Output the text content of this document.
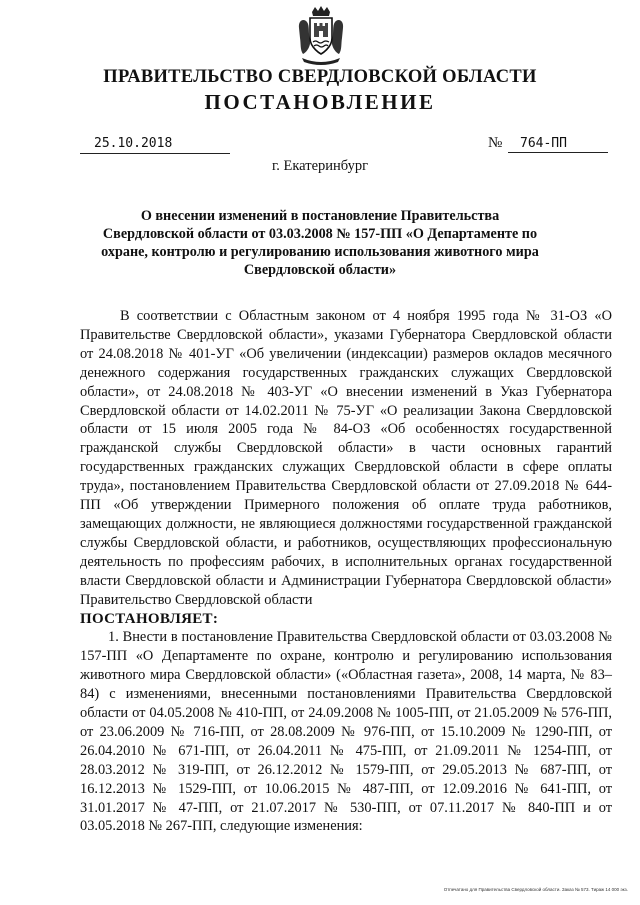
ПРАВИТЕЛЬСТВО СВЕРДЛОВСКОЙ ОБЛАСТИ
ПОСТАНОВЛЕНИЕ
25.10.2018	№ 764-ПП
г. Екатеринбург
О внесении изменений в постановление Правительства Свердловской области от 03.03.2008 № 157-ПП «О Департаменте по охране, контролю и регулированию использования животного мира Свердловской области»

В соответствии с Областным законом от 4 ноября 1995 года № 31-ОЗ «О Правительстве Свердловской области», указами Губернатора Свердловской области от 24.08.2018 № 401-УГ «Об увеличении (индексации) размеров окладов месячного денежного содержания государственных гражданских служащих Свердловской области», от 24.08.2018 № 403-УГ «О внесении изменений в Указ Губернатора Свердловской области от 14.02.2011 № 75-УГ «О реализации Закона Свердловской области от 15 июля 2005 года № 84-ОЗ «Об особенностях государственной гражданской службы Свердловской области» в части основных гарантий государственных гражданских служащих Свердловской области в сфере оплаты труда», постановлением Правительства Свердловской области от 27.09.2018 № 644-ПП «Об утверждении Примерного положения об оплате труда работников, замещающих должности, не являющиеся должностями государственной гражданской службы Свердловской области, и работников, осуществляющих профессиональную деятельность по профессиям рабочих, в исполнительных органах государственной власти Свердловской области и Администрации Губернатора Свердловской области» Правительство Свердловской области

ПОСТАНОВЛЯЕТ:

1. Внести в постановление Правительства Свердловской области от 03.03.2008 № 157-ПП «О Департаменте по охране, контролю и регулированию использования животного мира Свердловской области» («Областная газета», 2008, 14 марта, № 83–84) с изменениями, внесенными постановлениями Правительства Свердловской области от 04.05.2008 № 410-ПП, от 24.09.2008 № 1005-ПП, от 21.05.2009 № 576-ПП, от 23.06.2009 № 716-ПП, от 28.08.2009 № 976-ПП, от 15.10.2009 № 1290-ПП, от 26.04.2010 № 671-ПП, от 26.04.2011 № 475-ПП, от 21.09.2011 № 1254-ПП, от 28.03.2012 № 319-ПП, от 26.12.2012 № 1579-ПП, от 29.05.2013 № 687-ПП, от 16.12.2013 № 1529-ПП, от 10.06.2015 № 487-ПП, от 12.09.2016 № 641-ПП, от 31.01.2017 № 47-ПП, от 21.07.2017 № 530-ПП, от 07.11.2017 № 840-ПП и от 03.05.2018 № 267-ПП, следующие изменения:

Отпечатано для Правительства Свердловской области. Заказ № 573. Тираж 14 000 экз.
